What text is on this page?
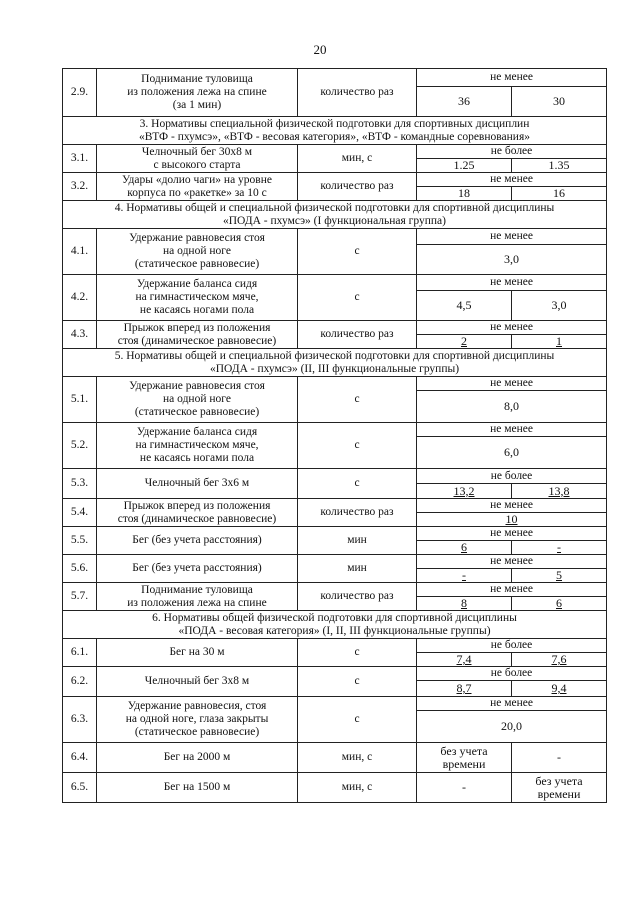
20
2.9.	Поднимание туловища
из положения лежа на спине
(за 1 мин)	количество раз	не менее	
			36	30
3. Нормативы специальной физической подготовки для спортивных дисциплин
«ВТФ - пхумсэ», «ВТФ - весовая категория», «ВТФ - командные соревнования»				
3.1.	Челночный бег 30х8 м
с высокого старта	мин, с	не более	
			1.25	1.35
3.2.	Удары «долио чаги» на уровне
корпуса по «ракетке» за 10 с	количество раз	не менее	
			18	16
4. Нормативы общей и специальной физической подготовки для спортивной дисциплины
«ПОДА - пхумсэ» (I функциональная группа)				
4.1.	Удержание равновесия стоя
на одной ноге
(статическое равновесие)	с	не менее	
			3,0	
4.2.	Удержание баланса сидя
на гимнастическом мяче,
не касаясь ногами пола	с	не менее	
			4,5	3,0
4.3.	Прыжок вперед из положения
стоя (динамическое равновесие)	количество раз	не менее	
			2	1
5. Нормативы общей и специальной физической подготовки для спортивной дисциплины
«ПОДА - пхумсэ» (II, III функциональные группы)				
5.1.	Удержание равновесия стоя
на одной ноге
(статическое равновесие)	с	не менее	
			8,0	
5.2.	Удержание баланса сидя
на гимнастическом мяче,
не касаясь ногами пола	с	не менее	
			6,0	
5.3.	Челночный бег 3х6 м	с	не более	
			13,2	13,8
5.4.	Прыжок вперед из положения
стоя (динамическое равновесие)	количество раз	не менее	
			10	
5.5.	Бег (без учета расстояния)	мин	не менее	
			6	-
5.6.	Бег (без учета расстояния)	мин	не менее	
			-	5
5.7.	Поднимание туловища
из положения лежа на спине	количество раз	не менее	
			8	6
6. Нормативы общей физической подготовки для спортивной дисциплины
«ПОДА - весовая категория» (I, II, III функциональные группы)				
6.1.	Бег на 30 м	с	не более	
			7,4	7,6
6.2.	Челночный бег 3х8 м	с	не более	
			8,7	9,4
6.3.	Удержание равновесия, стоя
на одной ноге, глаза закрыты
(статическое равновесие)	с	не менее	
			20,0	
6.4.	Бег на 2000 м	мин, с	без учета времени	-
6.5.	Бег на 1500 м	мин, с	-	без учета времени
